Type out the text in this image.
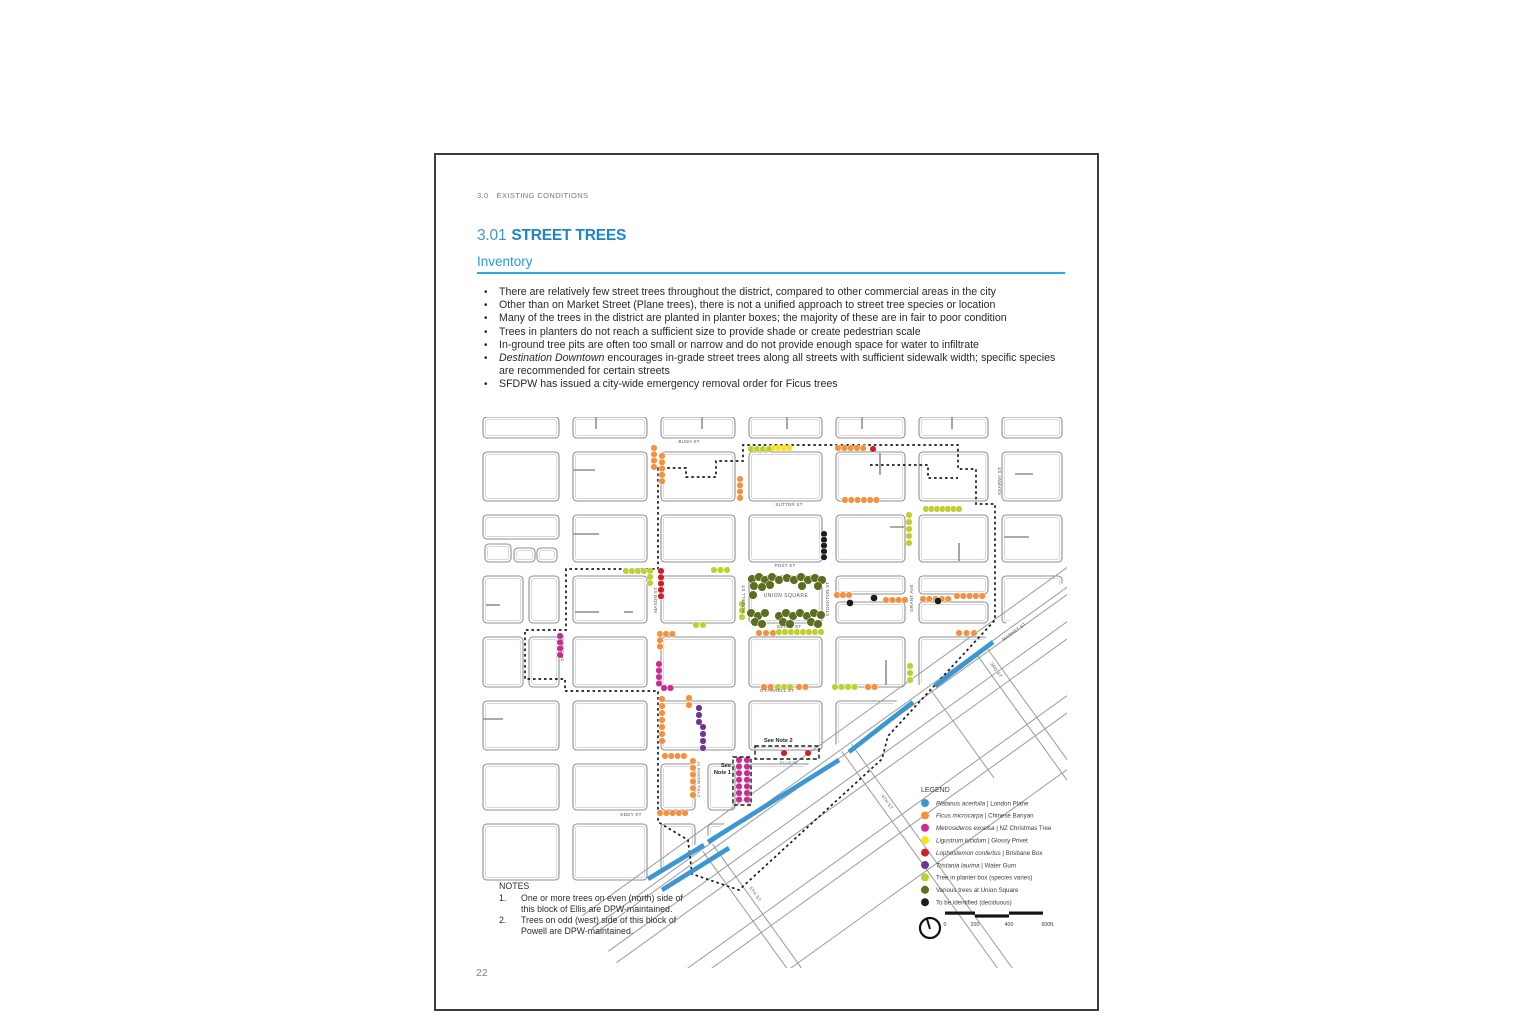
3.0 EXISTING CONDITIONS
3.01 STREET TREES
Inventory
•	There are relatively few street trees throughout the district, compared to other commercial areas in the city
•	Other than on Market Street (Plane trees), there is not a unified approach to street tree species or location
•	Many of the trees in the district are planted in planter boxes; the majority of these are in fair to poor condition
•	Trees in planters do not reach a sufficient size to provide shade or create pedestrian scale
•	In-ground tree pits are often too small or narrow and do not provide enough space for water to infiltrate
•	Destination Downtown encourages in-grade street trees along all streets with sufficient sidewalk width; specific species are recommended for certain streets
•	SFDPW has issued a city-wide emergency removal order for Ficus trees
See Note 2
See
Note 1
BUSH ST
SUTTER ST
POST ST
GEARY ST
O'FARRELL ST
ELLIS ST
EDDY ST
UNION SQUARE
POWELL ST	STOCKTON ST	GRANT AVE
KEARNY ST
TAYLOR ST
MASON ST
CYRIL MAGNIN ST
MARKET ST
3RD ST
4TH ST
5TH ST
LEGEND
Platanus acerfolia | London Plane
Ficus microcarpa | Chinese Banyan
Metrosideros excelsa | NZ Christmas Tree
Ligustrum lucidum | Glossy Privet
Lophostemon confertus | Brisbane Box
Tristania laurina | Water Gum
Tree in planter box (species varies)
Various trees at Union Square
To be identified (deciduous)
0	200	400	600ft.
NOTES
1.	One or more trees on even (north) side of this block of Ellis are DPW-maintained.
2.	Trees on odd (west) side of this block of Powell are DPW-maintained.
22
